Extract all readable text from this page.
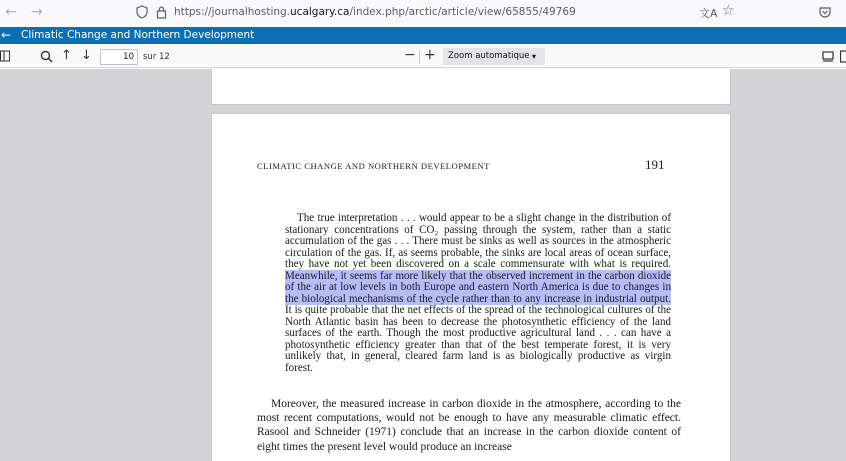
← →	https://journalhosting.ucalgary.ca/index.php/arctic/article/view/65855/49769	文A ☆
← Climatic Change and Northern Development
↑ ↓	10	sur 12	− +	Zoom automatique ▾
CLIMATIC CHANGE AND NORTHERN DEVELOPMENT	191
The true interpretation . . . would appear to be a slight change in the distribution of stationary concentrations of CO₂ passing through the system, rather than a static accumulation of the gas . . . There must be sinks as well as sources in the atmospheric circulation of the gas. If, as seems probable, the sinks are local areas of ocean surface, they have not yet been discovered on a scale commensurate with what is required. Meanwhile, it seems far more likely that the observed increment in the carbon dioxide of the air at low levels in both Europe and eastern North America is due to changes in the biological mechanisms of the cycle rather than to any increase in industrial output. It is quite probable that the net effects of the spread of the technological cultures of the North Atlantic basin has been to decrease the photosynthetic efficiency of the land surfaces of the earth. Though the most productive agricultural land . . . can have a photosynthetic efficiency greater than that of the best temperate forest, it is very unlikely that, in general, cleared farm land is as biologically productive as virgin forest.
Moreover, the measured increase in carbon dioxide in the atmosphere, according to the most recent computations, would not be enough to have any measurable climatic effect. Rasool and Schneider (1971) conclude that an increase in the carbon dioxide content of eight times the present level would produce an increase
